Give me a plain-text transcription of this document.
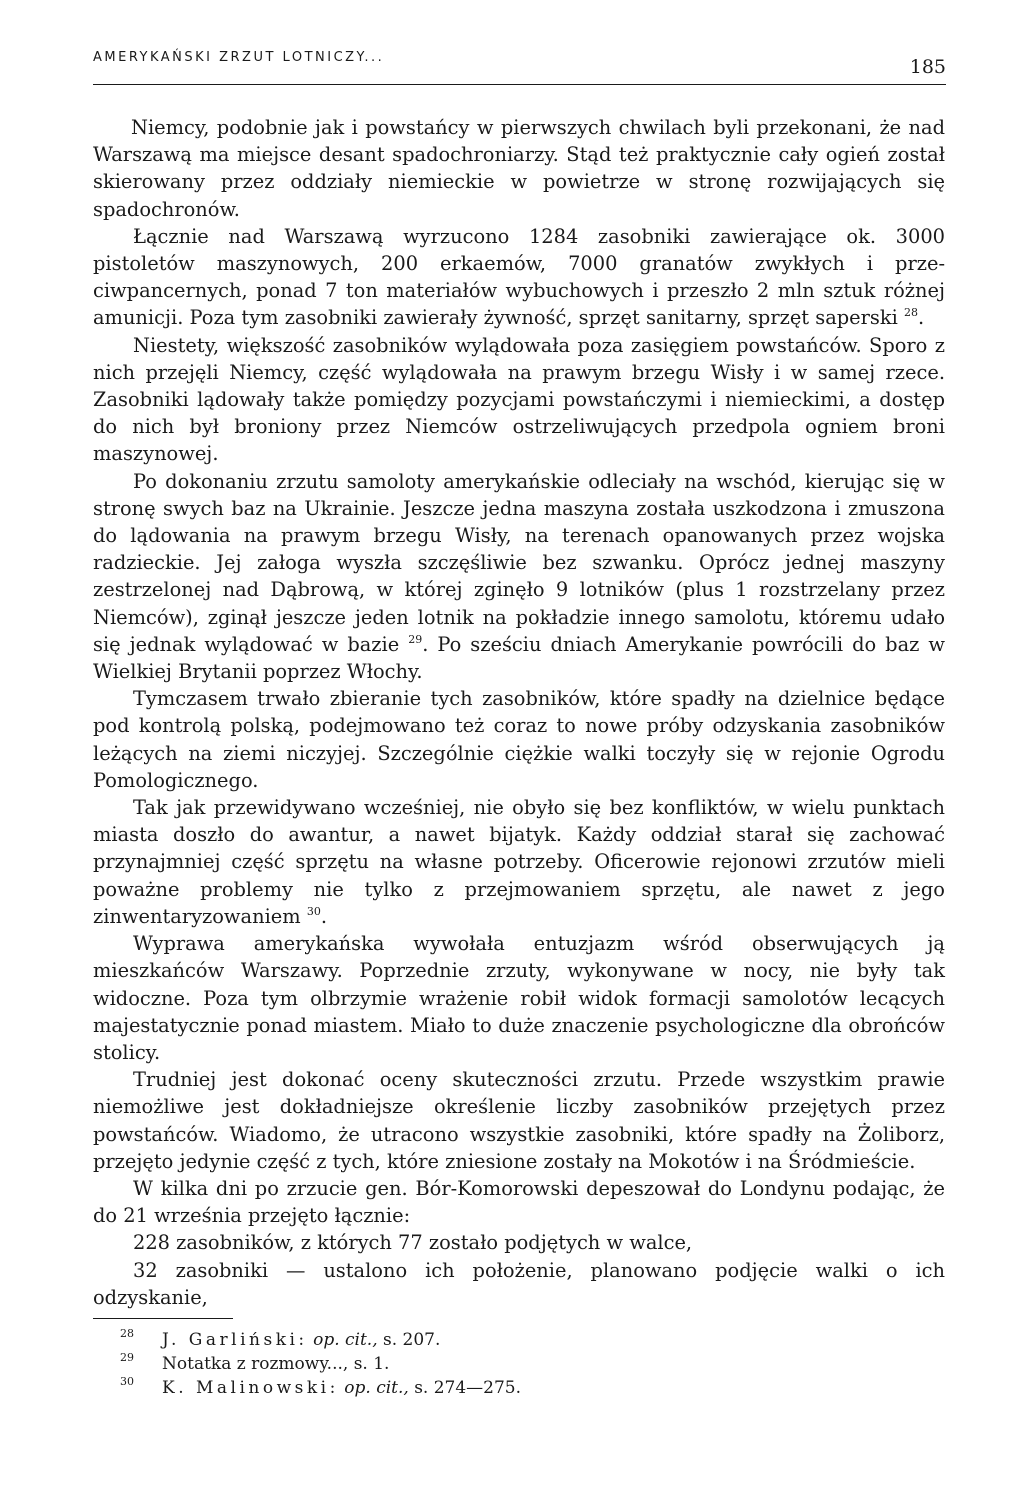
AMERYKAŃSKI ZRZUT LOTNICZY...	185

Niemcy, podobnie jak i powstańcy w pierwszych chwilach byli przekonani, że nad Warszawą ma miejsce desant spadochroniarzy. Stąd też praktycznie cały ogień został skierowany przez oddziały niemieckie w powietrze w stronę rozwijających się spadochronów.

Łącznie nad Warszawą wyrzucono 1284 zasobniki zawierające ok. 3000 pistoletów maszynowych, 200 erkaemów, 7000 granatów zwykłych i przeciwpancernych, ponad 7 ton materiałów wybuchowych i przeszło 2 mln sztuk różnej amunicji. Poza tym zasobniki zawierały żywność, sprzęt sanitarny, sprzęt saperski $^{28}$.

Niestety, większość zasobników wylądowała poza zasięgiem powstańców. Sporo z nich przejęli Niemcy, część wylądowała na prawym brzegu Wisły i w samej rzece. Zasobniki lądowały także pomiędzy pozycjami powstańczymi i niemieckimi, a dostęp do nich był broniony przez Niemców ostrzeliwujących przedpola ogniem broni maszynowej.

Po dokonaniu zrzutu samoloty amerykańskie odleciały na wschód, kierując się w stronę swych baz na Ukrainie. Jeszcze jedna maszyna została uszkodzona i zmuszona do lądowania na prawym brzegu Wisły, na terenach opanowanych przez wojska radzieckie. Jej załoga wyszła szczęśliwie bez szwanku. Oprócz jednej maszyny zestrzelonej nad Dąbrową, w której zginęło 9 lotników (plus 1 rozstrzelany przez Niemców), zginął jeszcze jeden lotnik na pokładzie innego samolotu, któremu udało się jednak wylądować w bazie $^{29}$. Po sześciu dniach Amerykanie powrócili do baz w Wielkiej Brytanii poprzez Włochy.

Tymczasem trwało zbieranie tych zasobników, które spadły na dzielnice będące pod kontrolą polską, podejmowano też coraz to nowe próby odzyskania zasobników leżących na ziemi niczyjej. Szczególnie ciężkie walki toczyły się w rejonie Ogrodu Pomologicznego.

Tak jak przewidywano wcześniej, nie obyło się bez konfliktów, w wielu punktach miasta doszło do awantur, a nawet bijatyk. Każdy oddział starał się zachować przynajmniej część sprzętu na własne potrzeby. Oficerowie rejonowi zrzutów mieli poważne problemy nie tylko z przejmowaniem sprzętu, ale nawet z jego zinwentaryzowaniem $^{30}$.

Wyprawa amerykańska wywołała entuzjazm wśród obserwujących ją mieszkańców Warszawy. Poprzednie zrzuty, wykonywane w nocy, nie były tak widoczne. Poza tym olbrzymie wrażenie robił widok formacji samolotów lecących majestatycznie ponad miastem. Miało to duże znaczenie psychologiczne dla obrońców stolicy.

Trudniej jest dokonać oceny skuteczności zrzutu. Przede wszystkim prawie niemożliwe jest dokładniejsze określenie liczby zasobników przejętych przez powstańców. Wiadomo, że utracono wszystkie zasobniki, które spadły na Żoliborz, przejęto jedynie część z tych, które zniesione zostały na Mokotów i na Śródmieście.

W kilka dni po zrzucie gen. Bór-Komorowski depeszował do Londynu podając, że do 21 września przejęto łącznie:

228 zasobników, z których 77 zostało podjętych w walce,

32 zasobniki — ustalono ich położenie, planowano podjęcie walki o ich odzyskanie,

28	J. Garliński: op. cit., s. 207.
29	Notatka z rozmowy..., s. 1.
30	K. Malinowski: op. cit., s. 274—275.
